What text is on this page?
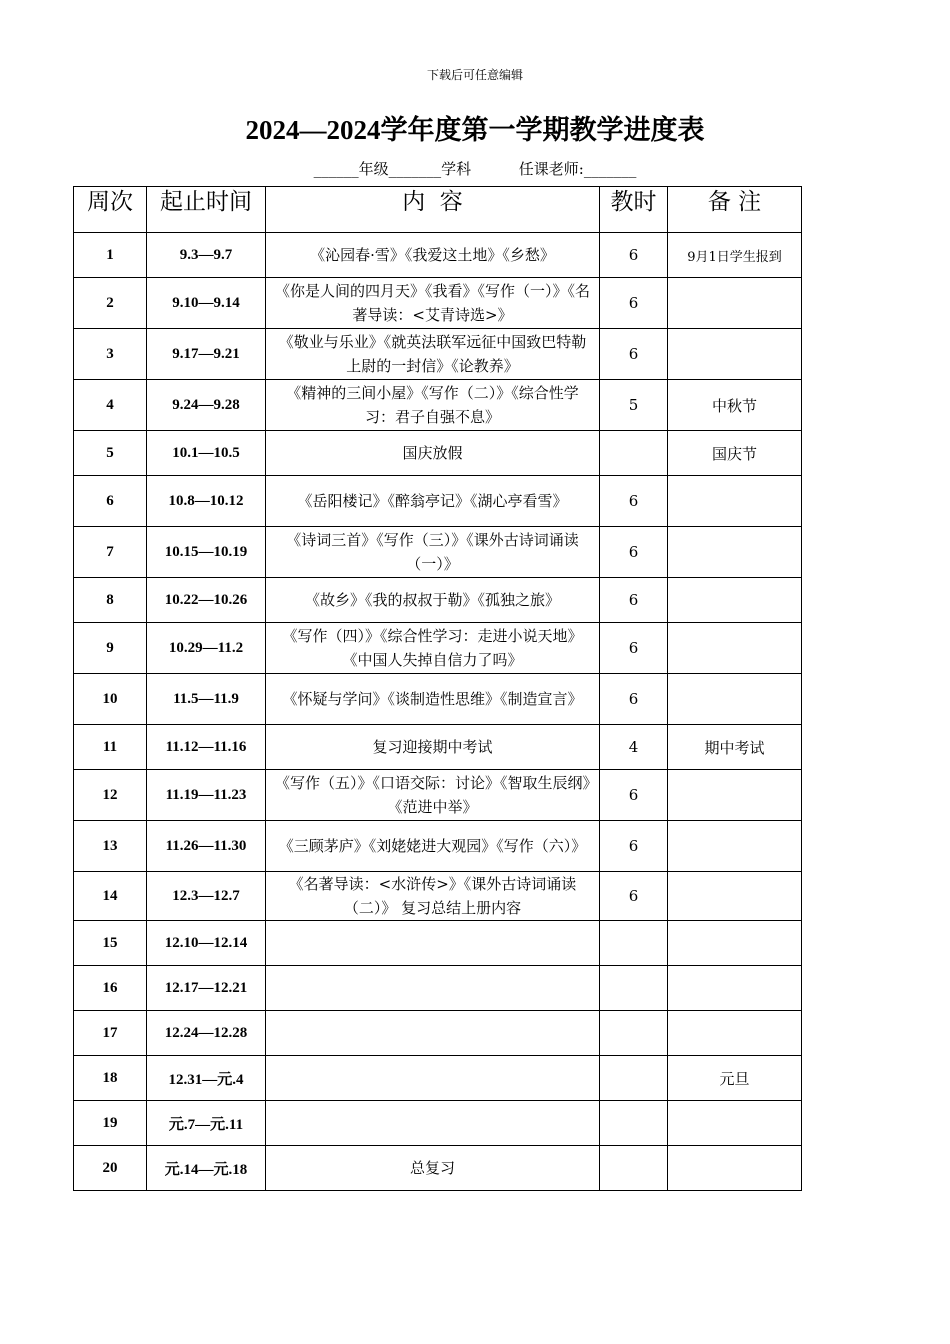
下载后可任意编辑
2024—2024学年度第一学期教学进度表
______年级_______学科          任课老师:_______
周次	起止时间	内  容	教时	备 注
1	9.3—9.7	《沁园春·雪》《我爱这土地》《乡愁》	6	9月1日学生报到
2	9.10—9.14	《你是人间的四月天》《我看》《写作（一）》《名著导读：<艾青诗选>》	6	
3	9.17—9.21	《敬业与乐业》《就英法联军远征中国致巴特勒上尉的一封信》《论教养》	6	
4	9.24—9.28	《精神的三间小屋》《写作（二）》《综合性学习：君子自强不息》	5	中秋节
5	10.1—10.5	国庆放假		国庆节
6	10.8—10.12	《岳阳楼记》《醉翁亭记》《湖心亭看雪》	6	
7	10.15—10.19	《诗词三首》《写作（三）》《课外古诗词诵读（一）》	6	
8	10.22—10.26	《故乡》《我的叔叔于勒》《孤独之旅》	6	
9	10.29—11.2	《写作（四）》《综合性学习：走进小说天地》《中国人失掉自信力了吗》	6	
10	11.5—11.9	《怀疑与学问》《谈制造性思维》《制造宣言》	6	
11	11.12—11.16	复习迎接期中考试	4	期中考试
12	11.19—11.23	《写作（五）》《口语交际：讨论》《智取生辰纲》《范进中举》	6	
13	11.26—11.30	《三顾茅庐》《刘姥姥进大观园》《写作（六）》	6	
14	12.3—12.7	《名著导读：<水浒传>》《课外古诗词诵读（二）》 复习总结上册内容	6	
15	12.10—12.14			
16	12.17—12.21			
17	12.24—12.28			
18	12.31—元.4			元旦
19	元.7—元.11			
20	元.14—元.18	总复习		
